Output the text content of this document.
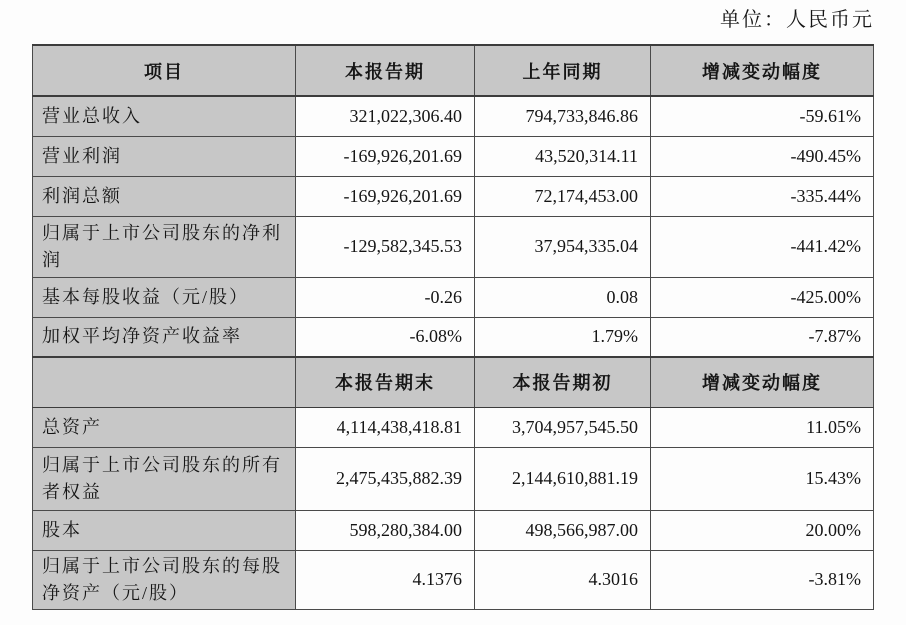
单位：人民币元
项目	本报告期	上年同期	增减变动幅度
营业总收入	321,022,306.40	794,733,846.86	-59.61%
营业利润	-169,926,201.69	43,520,314.11	-490.45%
利润总额	-169,926,201.69	72,174,453.00	-335.44%
归属于上市公司股东的净利润	-129,582,345.53	37,954,335.04	-441.42%
基本每股收益（元/股）	-0.26	0.08	-425.00%
加权平均净资产收益率	-6.08%	1.79%	-7.87%
	本报告期末	本报告期初	增减变动幅度
总资产	4,114,438,418.81	3,704,957,545.50	11.05%
归属于上市公司股东的所有者权益	2,475,435,882.39	2,144,610,881.19	15.43%
股本	598,280,384.00	498,566,987.00	20.00%
归属于上市公司股东的每股净资产（元/股）	4.1376	4.3016	-3.81%
